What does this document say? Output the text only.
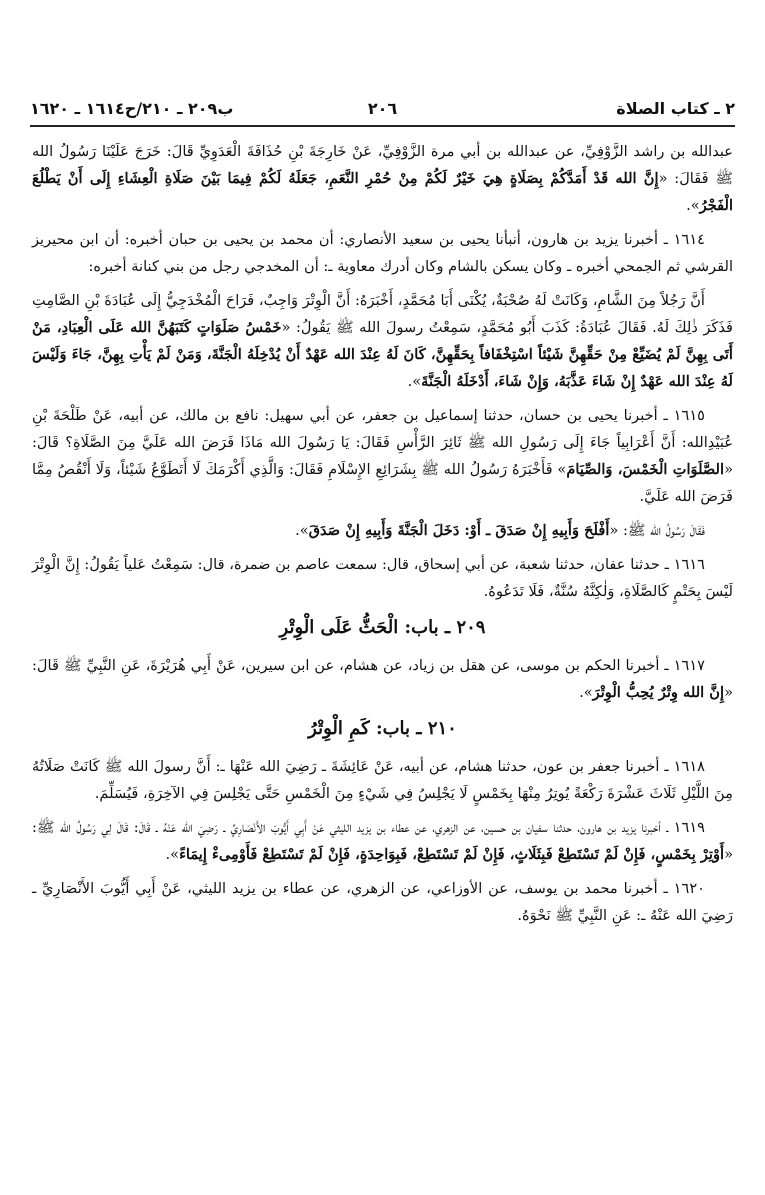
٢ ـ كتاب الصلاة
٢٠٦
ب٢٠٩ ـ ٢١٠/ح١٦١٤ ـ ١٦٢٠

عبدالله بن راشد الزَّوْفِيِّ، عن عبدالله بن أبي مرة الزَّوْفِيِّ، عَنْ خَارِجَةَ بْنِ حُذَافَةَ الْعَدَوِيِّ قَالَ: خَرَجَ عَلَيْنَا رَسُولُ الله ﷺ فَقَالَ: «إِنَّ الله قَدْ أَمَدَّكُمْ بِصَلَاةٍ هِيَ خَيْرٌ لَكُمْ مِنْ حُمْرِ النَّعَمِ، جَعَلَهُ لَكُمْ فِيمَا بَيْنَ صَلَاةِ الْعِشَاءِ إِلَى أَنْ يَطْلُعَ الْفَجْرُ».

١٦١٤ ـ أخبرنا يزيد بن هارون، أنبأنا يحيى بن سعيد الأنصاري: أن محمد بن يحيى بن حبان أخبره: أن ابن محيريز القرشي ثم الجمحي أخبره ـ وكان يسكن بالشام وكان أدرك معاوية ـ: أن المخدجي رجل من بني كنانة أخبره:

أَنَّ رَجُلاً مِنَ الشَّامِ، وَكَانَتْ لَهُ صُحْبَةٌ، يُكْنَى أَبَا مُحَمَّدٍ، أَخْبَرَهُ: أَنَّ الْوِتْرَ وَاجِبٌ، فَرَاحَ الْمُخْدَجِيُّ إِلَى عُبَادَةَ بْنِ الصَّامِتِ فَذَكَرَ ذٰلِكَ لَهُ. فَقَالَ عُبَادَةُ: كَذَبَ أَبُو مُحَمَّدٍ، سَمِعْتُ رسولَ الله ﷺ يَقُولُ: «خَمْسُ صَلَوَاتٍ كَتَبَهُنَّ الله عَلَى الْعِبَادِ، مَنْ أَتَى بِهِنَّ لَمْ يُضَيِّعْ مِنْ حَقِّهِنَّ شَيْئاً اسْتِخْفَافاً بِحَقِّهِنَّ، كَانَ لَهُ عِنْدَ الله عَهْدٌ أَنْ يُدْخِلَهُ الْجَنَّةَ، وَمَنْ لَمْ يَأْتِ بِهِنَّ، جَاءَ وَلَيْسَ لَهُ عِنْدَ الله عَهْدٌ إِنْ شَاءَ عَذَّبَهُ، وَإِنْ شَاءَ، أَدْخَلَهُ الْجَنَّةَ».

١٦١٥ ـ أخبرنا يحيى بن حسان، حدثنا إسماعيل بن جعفر، عن أبي سهيل: نافع بن مالك، عن أبيه، عَنْ طَلْحَةَ بْنِ عُبَيْدِالله: أَنَّ أَعْرَابِياً جَاءَ إِلَى رَسُولِ الله ﷺ ثَائِرَ الرَّأْسِ فَقَالَ: يَا رَسُولَ الله مَاذَا فَرَضَ الله عَلَيَّ مِنَ الصَّلَاةِ؟ قَالَ: «الصَّلَوَاتِ الْخَمْسَ، وَالصِّيَامَ» فَأَخْبَرَهُ رَسُولُ الله ﷺ بِشَرَائِعِ الإِسْلَامِ فَقَالَ: وَالَّذِي أَكْرَمَكَ لَا أَتَطَوَّعُ شَيْئاً، وَلَا أَنْقُصُ مِمَّا فَرَضَ الله عَلَيَّ.

فَقَالَ رَسُولُ الله ﷺ: «أَفْلَحَ وَأَبِيهِ إِنْ صَدَقَ ـ أَوْ: دَخَلَ الْجَنَّةَ وَأَبِيهِ إِنْ صَدَقَ».

١٦١٦ ـ حدثنا عفان، حدثنا شعبة، عن أبي إسحاق، قال: سمعت عاصم بن ضمرة، قال: سَمِعْتُ عَلياً يَقُولُ: إِنَّ الْوِتْرَ لَيْسَ بِحَتْمٍ كَالصَّلَاةِ، وَلٰكِنَّهُ سُنَّةٌ، فَلَا تَدَعُوهُ.

٢٠٩ ـ باب: الْحَثُّ عَلَى الْوِتْرِ

١٦١٧ ـ أخبرنا الحكم بن موسى، عن هقل بن زياد، عن هشام، عن ابن سيرين، عَنْ أَبِي هُرَيْرَةَ، عَنِ النَّبِيِّ ﷺ قَالَ: «إِنَّ الله وِتْرٌ يُحِبُّ الْوِتْرَ».

٢١٠ ـ باب: كَمِ الْوِتْرُ

١٦١٨ ـ أخبرنا جعفر بن عون، حدثنا هشام، عن أبيه، عَنْ عَائِشَةَ ـ رَضِيَ الله عَنْهَا ـ: أَنَّ رسولَ الله ﷺ كَانَتْ صَلَاتُهُ مِنَ اللَّيْلِ ثَلَاثَ عَشْرَةَ رَكْعَةً يُوتِرُ مِنْهَا بِخَمْسٍ لَا يَجْلِسُ فِي شَيْءٍ مِنَ الْخَمْسِ حَتَّى يَجْلِسَ فِي الآخِرَةِ، فَيُسَلِّمَ.

١٦١٩ ـ أخبرنا يزيد بن هارون، حدثنا سفيان بن حسين، عن الزهري، عن عطاء بن يزيد الليثي عَنْ أَبِي أَيُّوبَ الأَنْصَارِيِّ ـ رَضِيَ الله عَنْهُ ـ قَالَ: قَالَ لِي رَسُولُ الله ﷺ: «أَوْتِرْ بِخَمْسٍ، فَإِنْ لَمْ تَسْتَطِعْ فَبِثَلَاثٍ، فَإِنْ لَمْ تَسْتَطِعْ، فَبِوَاحِدَةٍ، فَإِنْ لَمْ تَسْتَطِعْ فَأَوْمِىءْ إِيمَاءً».

١٦٢٠ ـ أخبرنا محمد بن يوسف، عن الأوزاعي، عن الزهري، عن عطاء بن يزيد الليثي، عَنْ أَبِي أَيُّوبَ الأَنْصَارِيِّ ـ رَضِيَ الله عَنْهُ ـ: عَنِ النَّبِيِّ ﷺ نَحْوَهُ.
